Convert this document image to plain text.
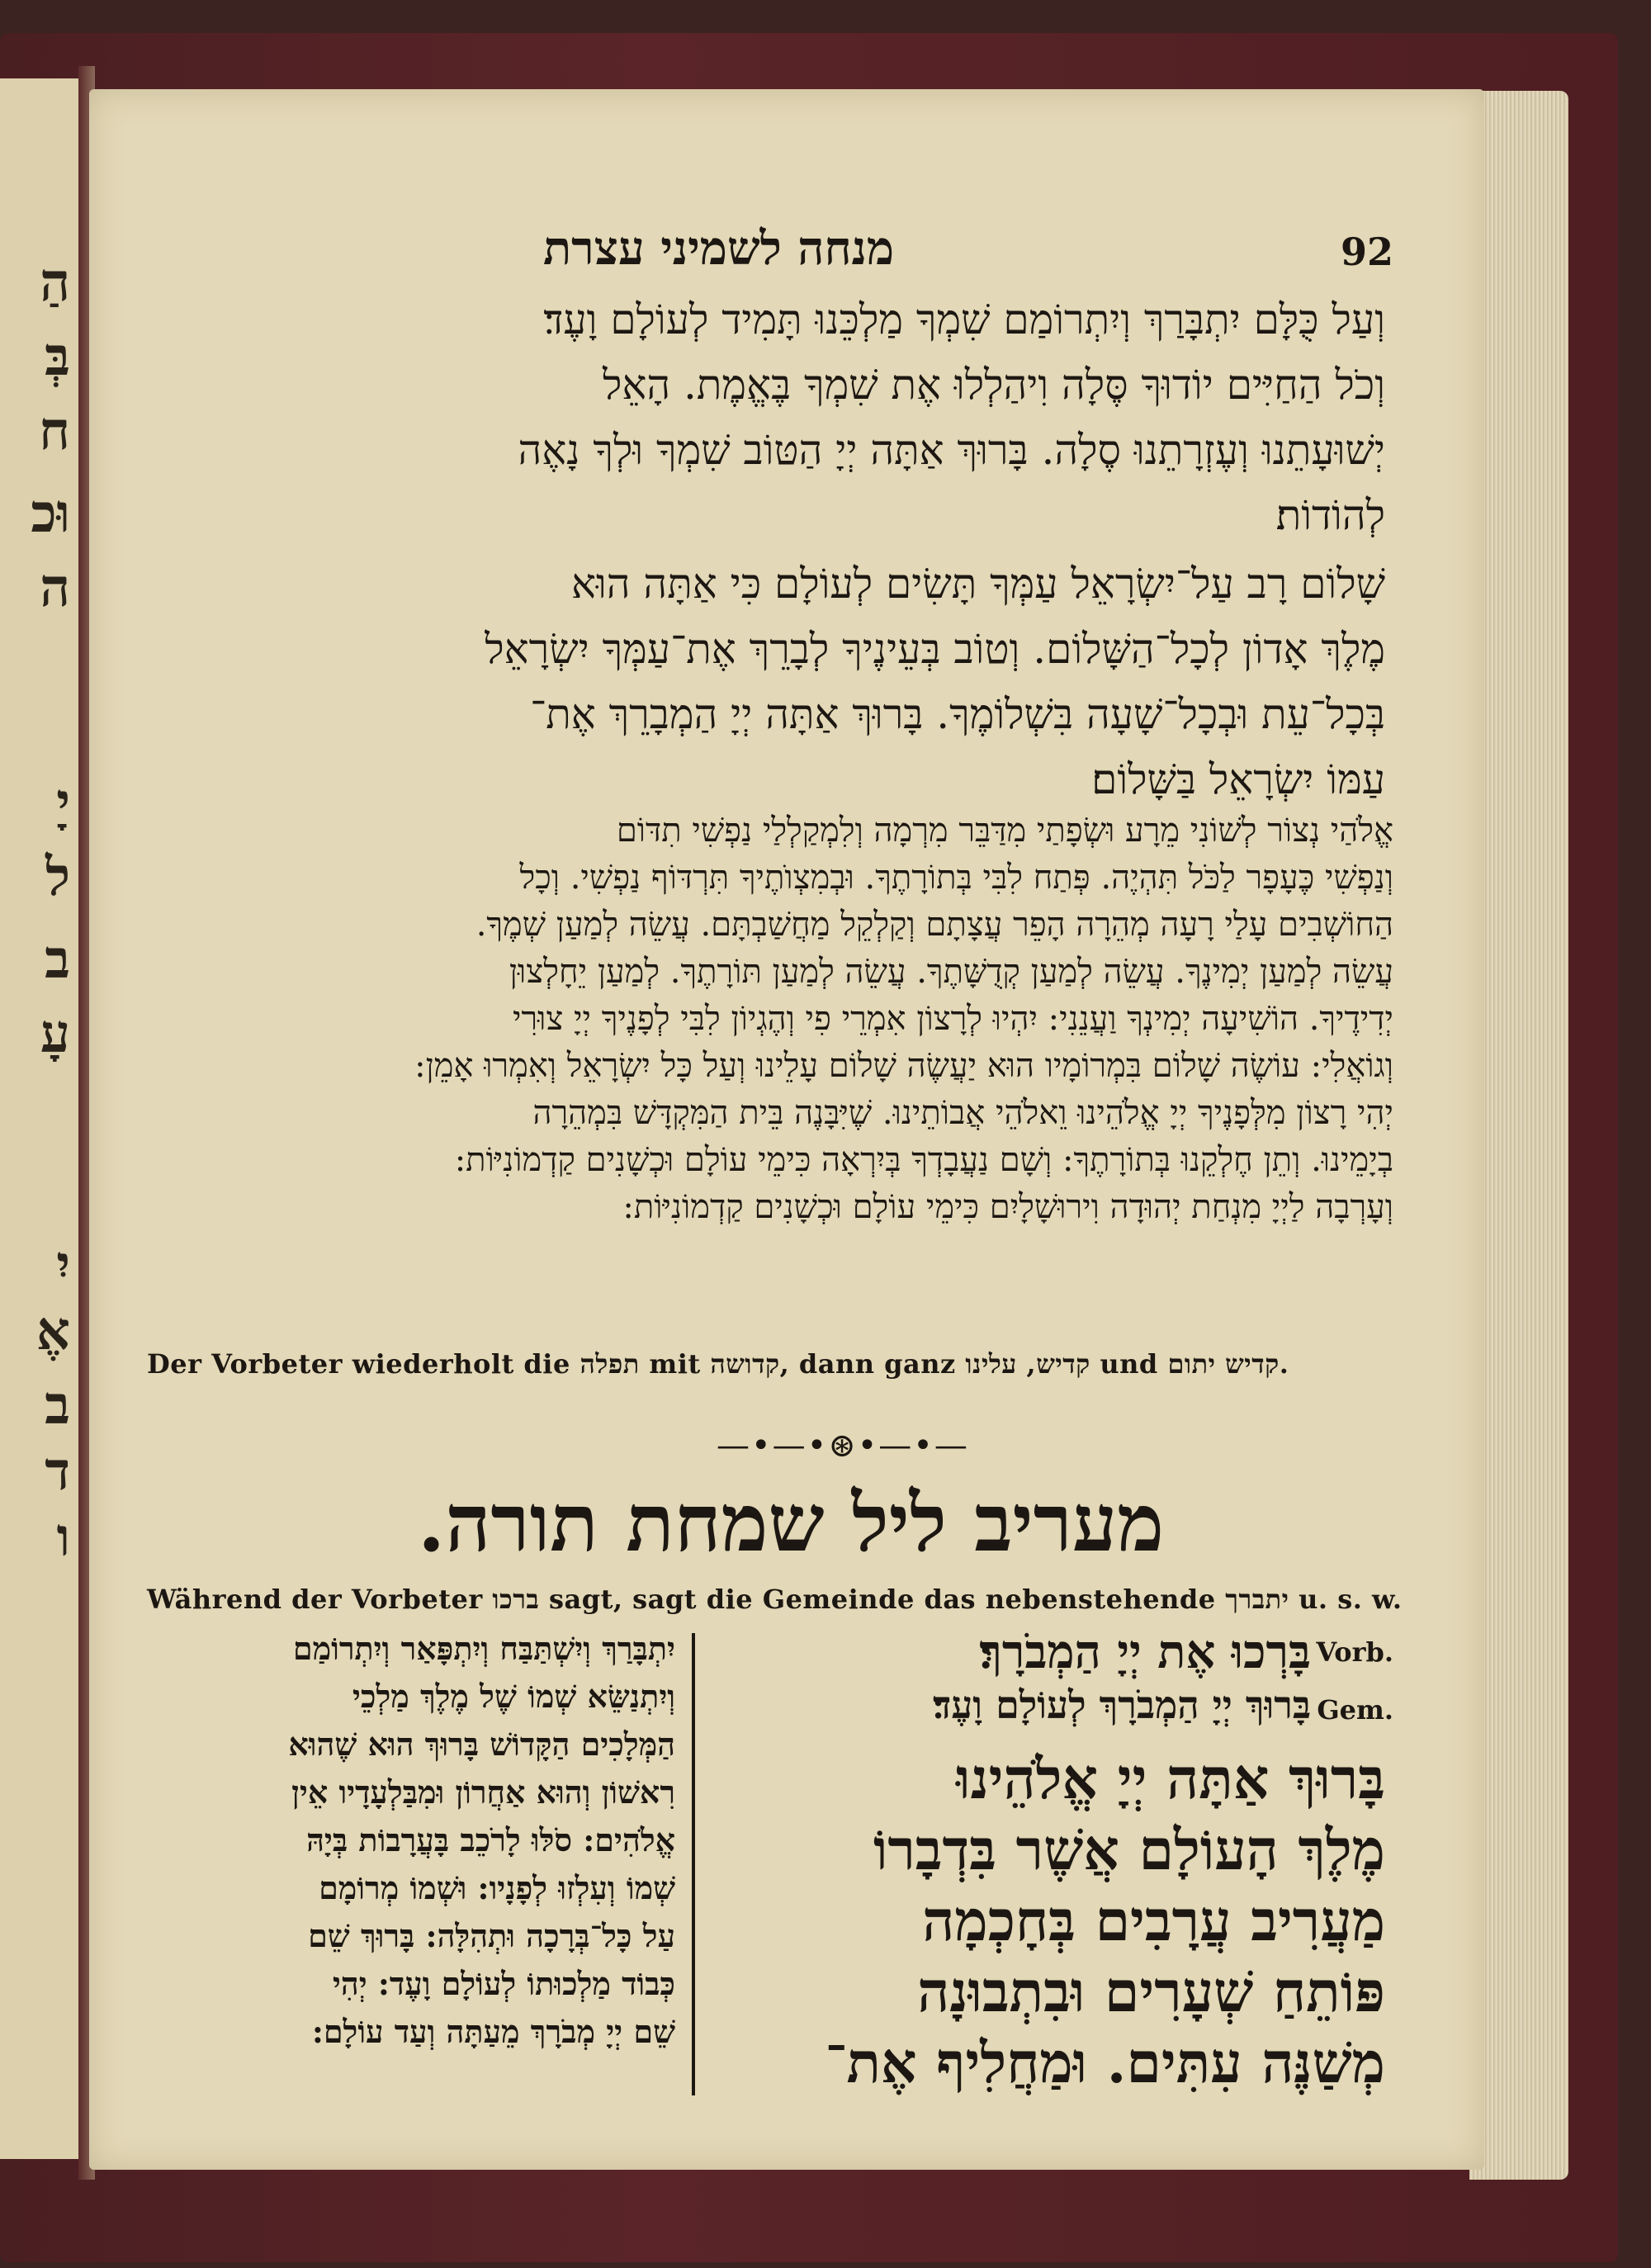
הַ
בְּ
ח
וּכ
ה
יָ
ל
ב
עָ
יִ
אֶ
ב
ד
ו
מנחה לשמיני עצרת	92
וְעַל כֻּלָּם יִתְבָּרַךְ וְיִתְרוֹמַם שִׁמְךָ מַלְכֵּנוּ תָּמִיד לְעוֹלָם וָעֶד׃
וְכֹל הַחַיִּים יוֹדוּךָ סֶּלָה וִיהַלְלוּ אֶת שִׁמְךָ בֶּאֱמֶת. הָאֵל
יְשׁוּעָתֵנוּ וְעֶזְרָתֵנוּ סֶלָה. בָּרוּךְ אַתָּה יְיָ הַטּוֹב שִׁמְךָ וּלְךָ נָאֶה
לְהוֹדוֹת׃
שָׁלוֹם רָב עַל־יִשְׂרָאֵל עַמְּךָ תָּשִׂים לְעוֹלָם כִּי אַתָּה הוּא
מֶלֶךְ אָדוֹן לְכָל־הַשָּׁלוֹם. וְטוֹב בְּעֵינֶיךָ לְבָרֵךְ אֶת־עַמְּךָ יִשְׂרָאֵל
בְּכָל־עֵת וּבְכָל־שָׁעָה בִּשְׁלוֹמֶךָ. בָּרוּךְ אַתָּה יְיָ הַמְבָרֵךְ אֶת־
עַמּוֹ יִשְׂרָאֵל בַּשָּׁלוֹם׃
אֱלֹהַי נְצוֹר לְשׁוֹנִי מֵרָע וּשְׂפָתַי מִדַּבֵּר מִרְמָה וְלִמְקַלְלַי נַפְשִׁי תִדּוֹם
וְנַפְשִׁי כֶּעָפָר לַכֹּל תִּהְיֶה. פְּתַח לִבִּי בְּתוֹרָתֶךָ. וּבְמִצְוֺתֶיךָ תִּרְדּוֹף נַפְשִׁי. וְכָל
הַחוֹשְׁבִים עָלַי רָעָה מְהֵרָה הָפֵר עֲצָתָם וְקַלְקֵל מַחֲשַׁבְתָּם. עֲשֵׂה לְמַעַן שְׁמֶךָ.
עֲשֵׂה לְמַעַן יְמִינֶךָ. עֲשֵׂה לְמַעַן קְדֻשָּׁתֶךָ. עֲשֵׂה לְמַעַן תּוֹרָתֶךָ. לְמַעַן יֵחָלְצוּן
יְדִידֶיךָ. הוֹשִׁיעָה יְמִינְךָ וַעֲנֵנִי: יִהְיוּ לְרָצוֹן אִמְרֵי פִי וְהֶגְיוֹן לִבִּי לְפָנֶיךָ יְיָ צוּרִי
וְגוֹאֲלִי: עוֹשֶׂה שָׁלוֹם בִּמְרוֹמָיו הוּא יַעֲשֶׂה שָׁלוֹם עָלֵינוּ וְעַל כָּל יִשְׂרָאֵל וְאִמְרוּ אָמֵן:
יְהִי רָצוֹן מִלְּפָנֶיךָ יְיָ אֱלֹהֵינוּ וֵאלֹהֵי אֲבוֹתֵינוּ. שֶׁיִּבָּנֶה בֵּית הַמִּקְדָּשׁ בִּמְהֵרָה
בְיָמֵינוּ. וְתֵן חֶלְקֵנוּ בְּתוֹרָתֶךָ: וְשָׁם נַעֲבָדְךָ בְּיִרְאָה כִּימֵי עוֹלָם וּכְשָׁנִים קַדְמוֹנִיּוֹת:
וְעָרְבָה לַיְיָ מִנְחַת יְהוּדָה וִירוּשָׁלָיִם כִּימֵי עוֹלָם וּכְשָׁנִים קַדְמוֹנִיּוֹת:
Der Vorbeter wiederholt die תפלה mit קדושה, dann ganz קדיש, עלינו und קדיש יתום.
—•—•⊛•—•—
מעריב ליל שמחת תורה.
Während der Vorbeter ברכו sagt, sagt die Gemeinde das nebenstehende יתברך u. s. w.
יִתְבָּרַךְ וְיִשְׁתַּבַּח וְיִתְפָּאַר וְיִתְרוֹמַם
וְיִתְנַשֵּׂא שְׁמוֹ שֶׁל מֶלֶךְ מַלְכֵי
הַמְּלָכִים הַקָּדוֹשׁ בָּרוּךְ הוּא שֶׁהוּא
רִאשׁוֹן וְהוּא אַחֲרוֹן וּמִבַּלְעָדָיו אֵין
אֱלֹהִים: סֹלּוּ לָרֹכֵב בָּעֲרָבוֹת בְּיָהּ
שְׁמוֹ וְעִלְזוּ לְפָנָיו: וּשְׁמוֹ מְרוֹמָם
עַל כָּל־בְּרָכָה וּתְהִלָּה: בָּרוּךְ שֵׁם
כְּבוֹד מַלְכוּתוֹ לְעוֹלָם וָעֶד: יְהִי
שֵׁם יְיָ מְבֹרָךְ מֵעַתָּה וְעַד עוֹלָם:
Vorb.
בָּרְכוּ אֶת יְיָ הַמְבֹרָךְ׃
Gem.
בָּרוּךְ יְיָ הַמְבֹרָךְ לְעוֹלָם וָעֶד׃
בָּרוּךְ אַתָּה יְיָ אֱלֹהֵינוּ
מֶלֶךְ הָעוֹלָם אֲשֶׁר בִּדְבָרוֹ
מַעֲרִיב עֲרָבִים בְּחָכְמָה
פּוֹתֵחַ שְׁעָרִים וּבִתְבוּנָה
מְשַׁנֶּה עִתִּים. וּמַחֲלִיף אֶת־
